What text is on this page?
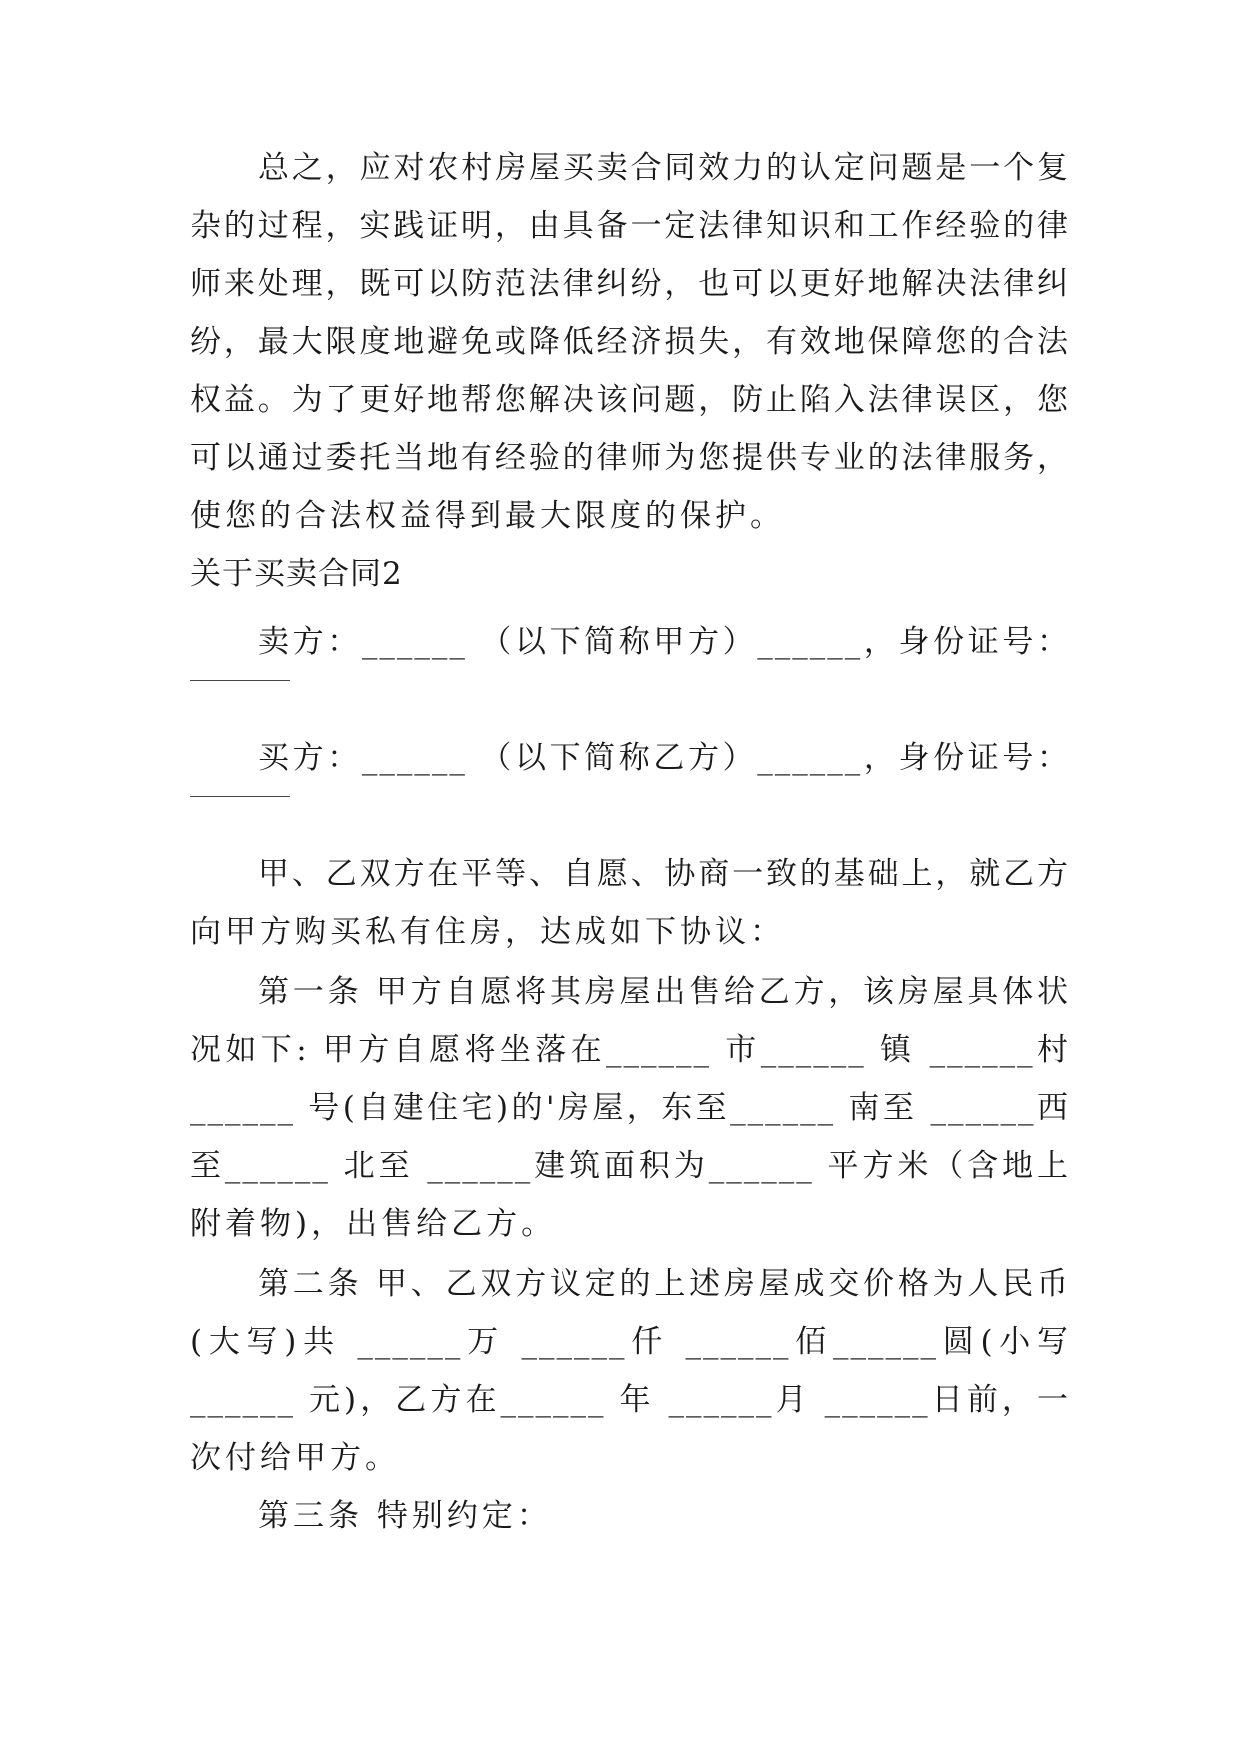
总之，应对农村房屋买卖合同效力的认定问题是一个复
杂的过程，实践证明，由具备一定法律知识和工作经验的律
师来处理，既可以防范法律纠纷，也可以更好地解决法律纠
纷，最大限度地避免或降低经济损失，有效地保障您的合法
权益。为了更好地帮您解决该问题，防止陷入法律误区，您
可以通过委托当地有经验的律师为您提供专业的法律服务，
使您的合法权益得到最大限度的保护。
关于买卖合同2
卖方：______ （以下简称甲方）______，身份证号：
买方：______ （以下简称乙方）______，身份证号：
甲、乙双方在平等、自愿、协商一致的基础上，就乙方
向甲方购买私有住房，达成如下协议：
第一条 甲方自愿将其房屋出售给乙方，该房屋具体状
况如下: 甲方自愿将坐落在______ 市______ 镇 ______村
______ 号(自建住宅)的'房屋，东至______ 南至 ______西
至______ 北至 ______建筑面积为______ 平方米（含地上
附着物)，出售给乙方。
第二条 甲、乙双方议定的上述房屋成交价格为人民币
(大写)共 ______万 ______仟 ______佰______圆(小写
______ 元)，乙方在______ 年 ______月 ______日前，一
次付给甲方。
第三条 特别约定：
